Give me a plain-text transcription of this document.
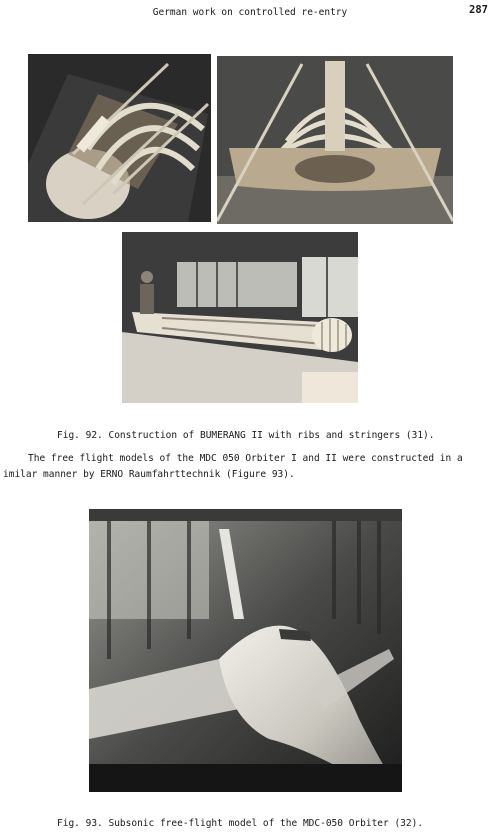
German work on controlled re-entry	287
Fig. 92. Construction of BUMERANG II with ribs and stringers (31).
The free flight models of the MDC 050 Orbiter I and II were constructed in a
imilar manner by ERNO Raumfahrttechnik (Figure 93).
Fig. 93. Subsonic free-flight model of the MDC-050 Orbiter (32).
